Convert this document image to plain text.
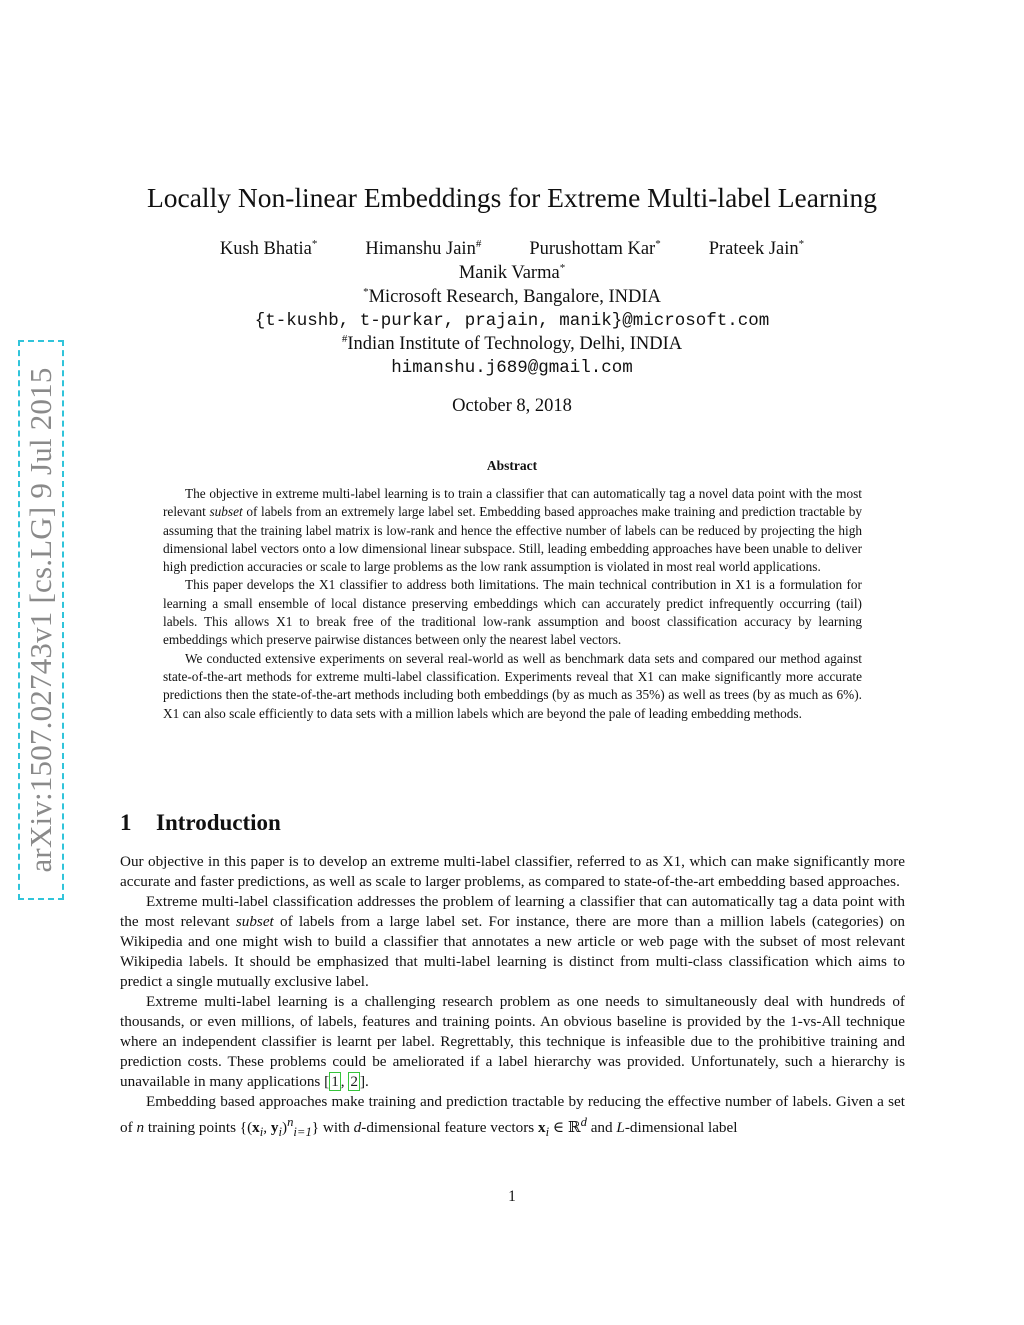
arXiv:1507.02743v1 [cs.LG] 9 Jul 2015
Locally Non-linear Embeddings for Extreme Multi-label Learning
Kush Bhatia*	Himanshu Jain#	Purushottam Kar*	Prateek Jain*
Manik Varma*
*Microsoft Research, Bangalore, INDIA
{t-kushb, t-purkar, prajain, manik}@microsoft.com
#Indian Institute of Technology, Delhi, INDIA
himanshu.j689@gmail.com
October 8, 2018
Abstract

The objective in extreme multi-label learning is to train a classifier that can automatically tag a novel data point with the most relevant subset of labels from an extremely large label set. Embedding based approaches make training and prediction tractable by assuming that the training label matrix is low-rank and hence the effective number of labels can be reduced by projecting the high dimensional label vectors onto a low dimensional linear subspace. Still, leading embedding approaches have been unable to deliver high prediction accuracies or scale to large problems as the low rank assumption is violated in most real world applications.

This paper develops the X1 classifier to address both limitations. The main technical contribution in X1 is a formulation for learning a small ensemble of local distance preserving embeddings which can accurately predict infrequently occurring (tail) labels. This allows X1 to break free of the traditional low-rank assumption and boost classification accuracy by learning embeddings which preserve pairwise distances between only the nearest label vectors.

We conducted extensive experiments on several real-world as well as benchmark data sets and compared our method against state-of-the-art methods for extreme multi-label classification. Experiments reveal that X1 can make significantly more accurate predictions then the state-of-the-art methods including both embeddings (by as much as 35%) as well as trees (by as much as 6%). X1 can also scale efficiently to data sets with a million labels which are beyond the pale of leading embedding methods.

1 Introduction

Our objective in this paper is to develop an extreme multi-label classifier, referred to as X1, which can make significantly more accurate and faster predictions, as well as scale to larger problems, as compared to state-of-the-art embedding based approaches.

Extreme multi-label classification addresses the problem of learning a classifier that can automatically tag a data point with the most relevant subset of labels from a large label set. For instance, there are more than a million labels (categories) on Wikipedia and one might wish to build a classifier that annotates a new article or web page with the subset of most relevant Wikipedia labels. It should be emphasized that multi-label learning is distinct from multi-class classification which aims to predict a single mutually exclusive label.

Extreme multi-label learning is a challenging research problem as one needs to simultaneously deal with hundreds of thousands, or even millions, of labels, features and training points. An obvious baseline is provided by the 1-vs-All technique where an independent classifier is learnt per label. Regrettably, this technique is infeasible due to the prohibitive training and prediction costs. These problems could be ameliorated if a label hierarchy was provided. Unfortunately, such a hierarchy is unavailable in many applications [ 1 , 2 ].

Embedding based approaches make training and prediction tractable by reducing the effective number of labels. Given a set of n training points {($x_i$, $y_i)^n_{i=1}$} with d-dimensional feature vectors $x_i$ ∈ ℝ$^d$ and L-dimensional label

1
